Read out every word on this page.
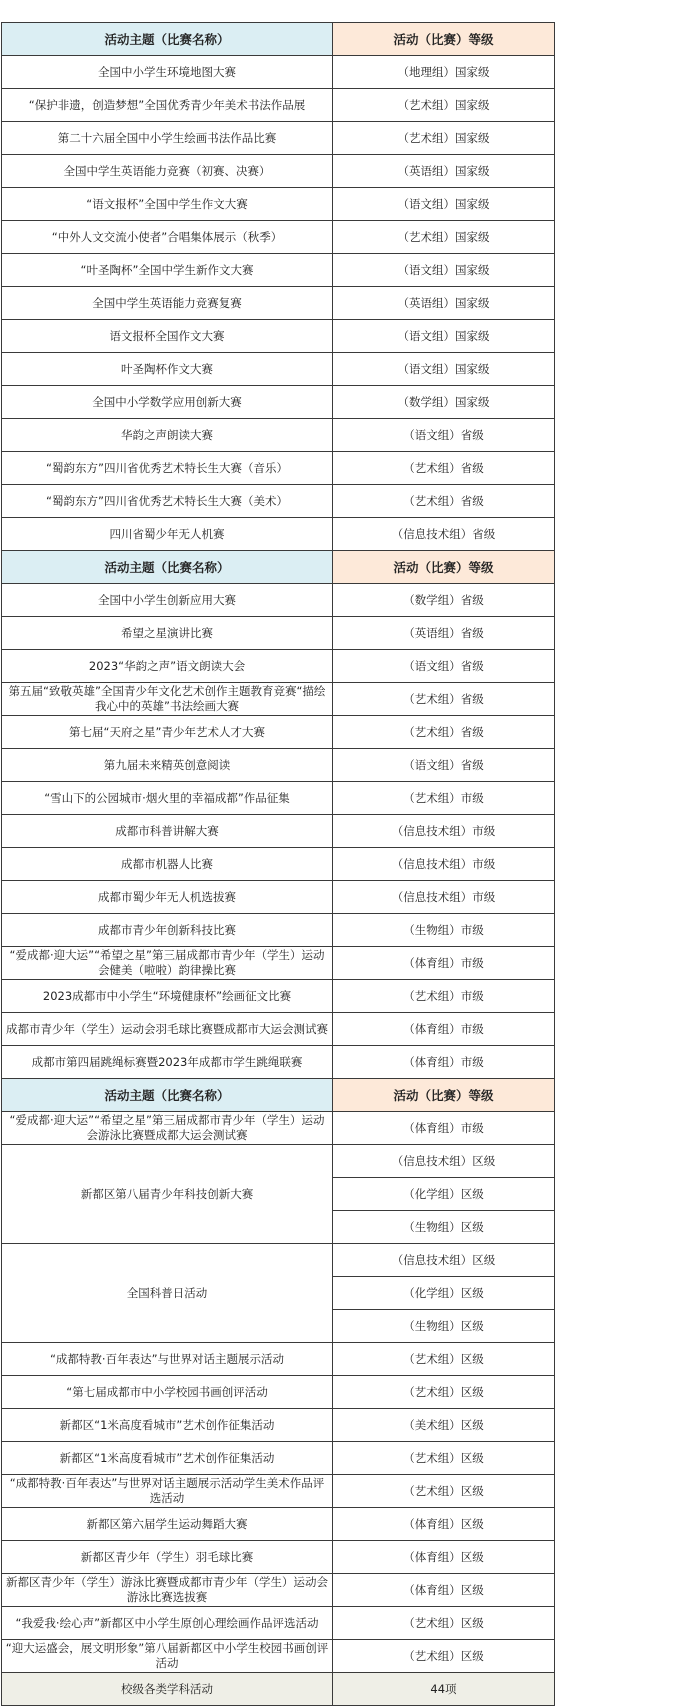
活动主题（比赛名称）	活动（比赛）等级
全国中小学生环境地图大赛	（地理组）国家级
“保护非遗，创造梦想”全国优秀青少年美术书法作品展	（艺术组）国家级
第二十六届全国中小学生绘画书法作品比赛	（艺术组）国家级
全国中学生英语能力竞赛（初赛、决赛）	（英语组）国家级
“语文报杯”全国中学生作文大赛	（语文组）国家级
“中外人文交流小使者”合唱集体展示（秋季）	（艺术组）国家级
“叶圣陶杯”全国中学生新作文大赛	（语文组）国家级
全国中学生英语能力竞赛复赛	（英语组）国家级
语文报杯全国作文大赛	（语文组）国家级
叶圣陶杯作文大赛	（语文组）国家级
全国中小学数学应用创新大赛	（数学组）国家级
华韵之声朗读大赛	（语文组）省级
“蜀韵东方”四川省优秀艺术特长生大赛（音乐）	（艺术组）省级
“蜀韵东方”四川省优秀艺术特长生大赛（美术）	（艺术组）省级
四川省蜀少年无人机赛	（信息技术组）省级
活动主题（比赛名称）	活动（比赛）等级
全国中小学生创新应用大赛	（数学组）省级
希望之星演讲比赛	（英语组）省级
2023“华韵之声”语文朗读大会	（语文组）省级
第五届“致敬英雄”全国青少年文化艺术创作主题教育竞赛“描绘我心中的英雄”书法绘画大赛	（艺术组）省级
第七届“天府之星”青少年艺术人才大赛	（艺术组）省级
第九届未来精英创意阅读	（语文组）省级
“雪山下的公园城市·烟火里的幸福成都”作品征集	（艺术组）市级
成都市科普讲解大赛	（信息技术组）市级
成都市机器人比赛	（信息技术组）市级
成都市蜀少年无人机选拔赛	（信息技术组）市级
成都市青少年创新科技比赛	（生物组）市级
“爱成都·迎大运”“希望之星”第三届成都市青少年（学生）运动会健美（啦啦）韵律操比赛	（体育组）市级
2023成都市中小学生“环境健康杯”绘画征文比赛	（艺术组）市级
成都市青少年（学生）运动会羽毛球比赛暨成都市大运会测试赛	（体育组）市级
成都市第四届跳绳标赛暨2023年成都市学生跳绳联赛	（体育组）市级
活动主题（比赛名称）	活动（比赛）等级
“爱成都·迎大运”“希望之星”第三届成都市青少年（学生）运动会游泳比赛暨成都大运会测试赛	（体育组）市级
新都区第八届青少年科技创新大赛	（信息技术组）区级
	（化学组）区级
	（生物组）区级
全国科普日活动	（信息技术组）区级
	（化学组）区级
	（生物组）区级
“成都特教·百年表达”与世界对话主题展示活动	（艺术组）区级
“第七届成都市中小学校园书画创评活动	（艺术组）区级
新都区“1米高度看城市”艺术创作征集活动	（美术组）区级
新都区“1米高度看城市”艺术创作征集活动	（艺术组）区级
“成都特教·百年表达”与世界对话主题展示活动学生美术作品评选活动	（艺术组）区级
新都区第六届学生运动舞蹈大赛	（体育组）区级
新都区青少年（学生）羽毛球比赛	（体育组）区级
新都区青少年（学生）游泳比赛暨成都市青少年（学生）运动会游泳比赛选拔赛	（体育组）区级
“我爱我·绘心声”新都区中小学生原创心理绘画作品评选活动	（艺术组）区级
“迎大运盛会，展文明形象”第八届新都区中小学生校园书画创评活动	（艺术组）区级
校级各类学科活动	44项
